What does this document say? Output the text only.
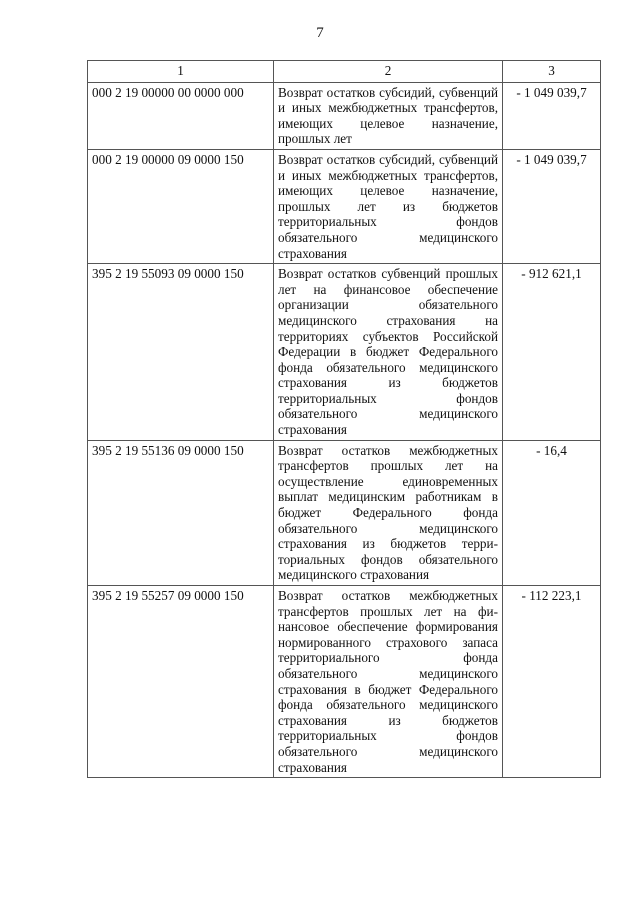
7
1	2	3
000 2 19 00000 00 0000 000	Возврат остатков субсидий, субвенций и иных межбюджетных трансфертов, имеющих целевое назначение, прошлых лет	- 1 049 039,7
000 2 19 00000 09 0000 150	Возврат остатков субсидий, субвенций и иных межбюджетных трансфертов, имеющих целевое назначение, прошлых лет из бюджетов территориальных фондов обязательного медицинского страхования	- 1 049 039,7
395 2 19 55093 09 0000 150	Возврат остатков субвенций прошлых лет на финансовое обеспечение организации обязательного медицинского страхования на территориях субъектов Российской Федерации в бюджет Федерального фонда обязательного медицинского страхования из бюджетов территориальных фондов обязательного медицинского страхования	- 912 621,1
395 2 19 55136 09 0000 150	Возврат остатков межбюджетных трансфертов прошлых лет на осуществление единовременных выплат медицинским работникам в бюджет Федерального фонда обязательного медицинского страхования из бюджетов территориальных фондов обязательного медицинского страхования	- 16,4
395 2 19 55257 09 0000 150	Возврат остатков межбюджетных трансфертов прошлых лет на финансовое обеспечение формирования нормированного страхового запаса территориального фонда обязательного медицинского страхования в бюджет Федерального фонда обязательного медицинского страхования из бюджетов территориальных фондов обязательного медицинского страхования	- 112 223,1
